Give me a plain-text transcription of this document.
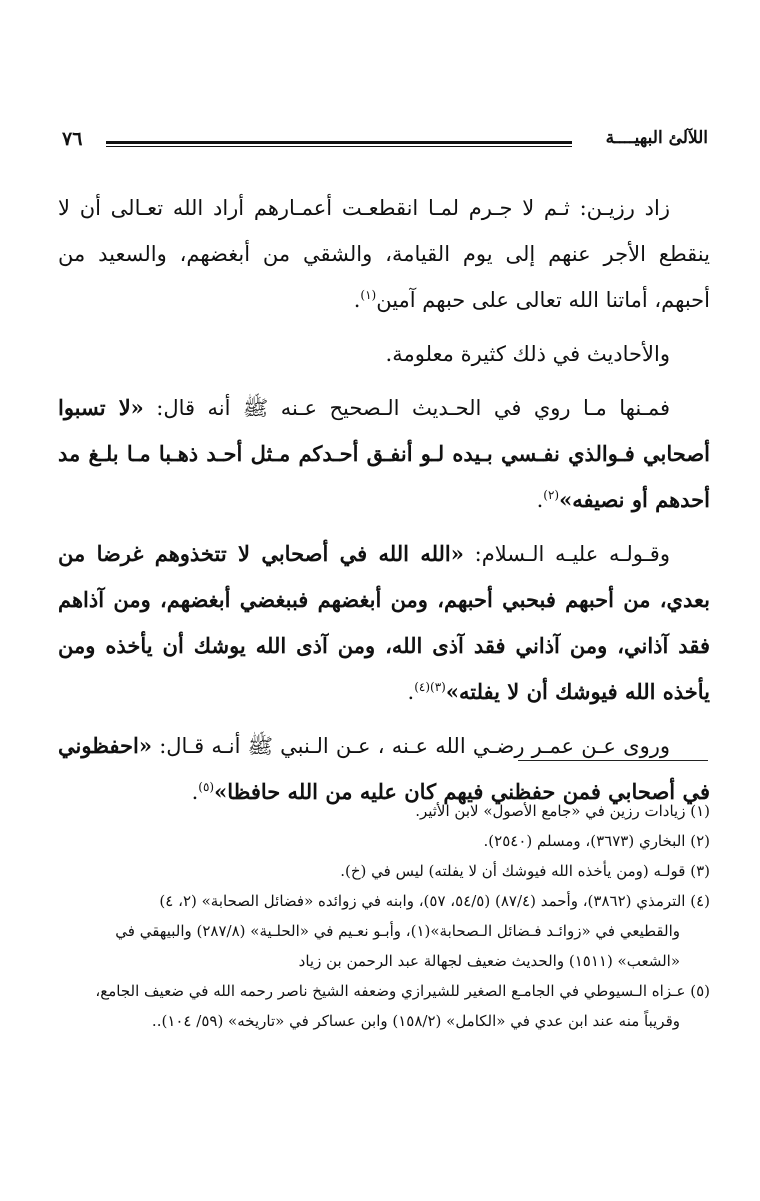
٧٦	اللآلئ البهيــــة

زاد رزيـن: ثـم لا جـرم لمـا انقطعـت أعمـارهم أراد الله تعـالى أن لا ينقطع الأجر عنهم إلى يوم القيامة، والشقي من أبغضهم، والسعيد من أحبهم، أماتنا الله تعالى على حبهم آمين$^{(١)}$.

والأحاديث في ذلك كثيرة معلومة.

فمـنها مـا روي في الحـديث الـصحيح عـنه ﷺ أنه قال: «لا تسبوا أصحابي فـوالذي نفـسي بـيده لـو أنفـق أحـدكم مـثل أحـد ذهـبا مـا بلـغ مد أحدهم أو نصيفه»$^{(٢)}$.

وقـولـه عليـه الـسلام: «الله الله في أصحابي لا تتخذوهم غرضا من بعدي، من أحبهم فبحبي أحبهم، ومن أبغضهم فببغضي أبغضهم، ومن آذاهم فقد آذاني، ومن آذاني فقد آذى الله، ومن آذى الله يوشك أن يأخذه ومن يأخذه الله فيوشك أن لا يفلته»$^{(٣)(٤)}$.

وروى عـن عمـر رضـي الله عـنه ، عـن الـنبي ﷺ أنـه قـال: «احفظوني في أصحابي فمن حفظني فيهم كان عليه من الله حافظا»$^{(٥)}$.

(١) زيادات رزين في «جامع الأصول» لابن الأثير.

(٢) البخاري (٣٦٧٣)، ومسلم (٢٥٤٠).

(٣) قولـه (ومن يأخذه الله فيوشك أن لا يفلته) ليس في (خ).

(٤) الترمذي (٣٨٦٢)، وأحمد (٨٧/٤) (٥٤/٥، ٥٧)، وابنه في زوائده «فضائل الصحابة» (٢، ٤)

والقطيعي في «زوائـد فـضائل الـصحابة»(١)، وأبـو نعـيم في «الحلـية» (٢٨٧/٨) والبيهقي في «الشعب» (١٥١١) والحديث ضعيف لجهالة عبد الرحمن بن زياد

(٥) عـزاه الـسيوطي في الجامـع الصغير للشيرازي وضعفه الشيخ ناصر رحمه الله في ضعيف الجامع،

وقريباً منه عند ابن عدي في «الكامل» (١٥٨/٢) وابن عساكر في «تاريخه» (٥٩/ ١٠٤)..
